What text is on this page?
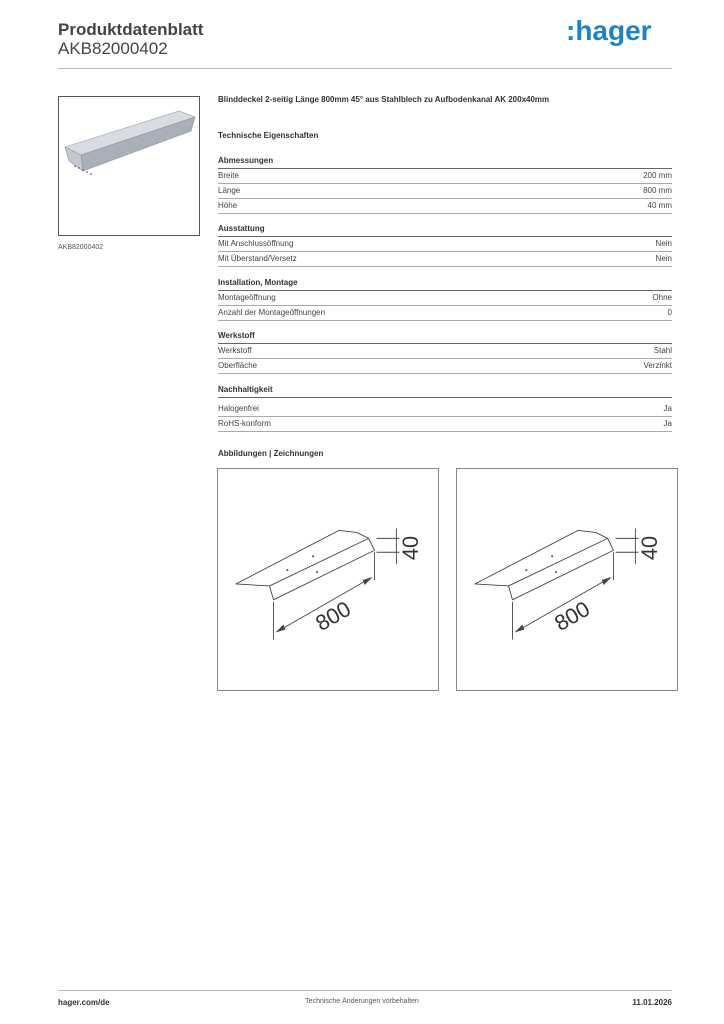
Produktdatenblatt
AKB82000402
:hager
AKB82000402
Blinddeckel 2-seitig Länge 800mm 45° aus Stahlblech zu Aufbodenkanal AK 200x40mm
Technische Eigenschaften
Abmessungen
Breite	200 mm
Länge	800 mm
Höhe	40 mm
Ausstattung
Mit Anschlussöffnung	Nein
Mit Überstand/Versetz	Nein
Installation, Montage
Montageöffnung	Ohne
Anzahl der Montageöffnungen	0
Werkstoff
Werkstoff	Stahl
Oberfläche	Verzinkt
Nachhaltigkeit
Halogenfrei	Ja
RoHS-konform	Ja
Abbildungen | Zeichnungen
800
40
800
40
hager.com/de	Technische Änderungen vorbehalten	11.01.2026
